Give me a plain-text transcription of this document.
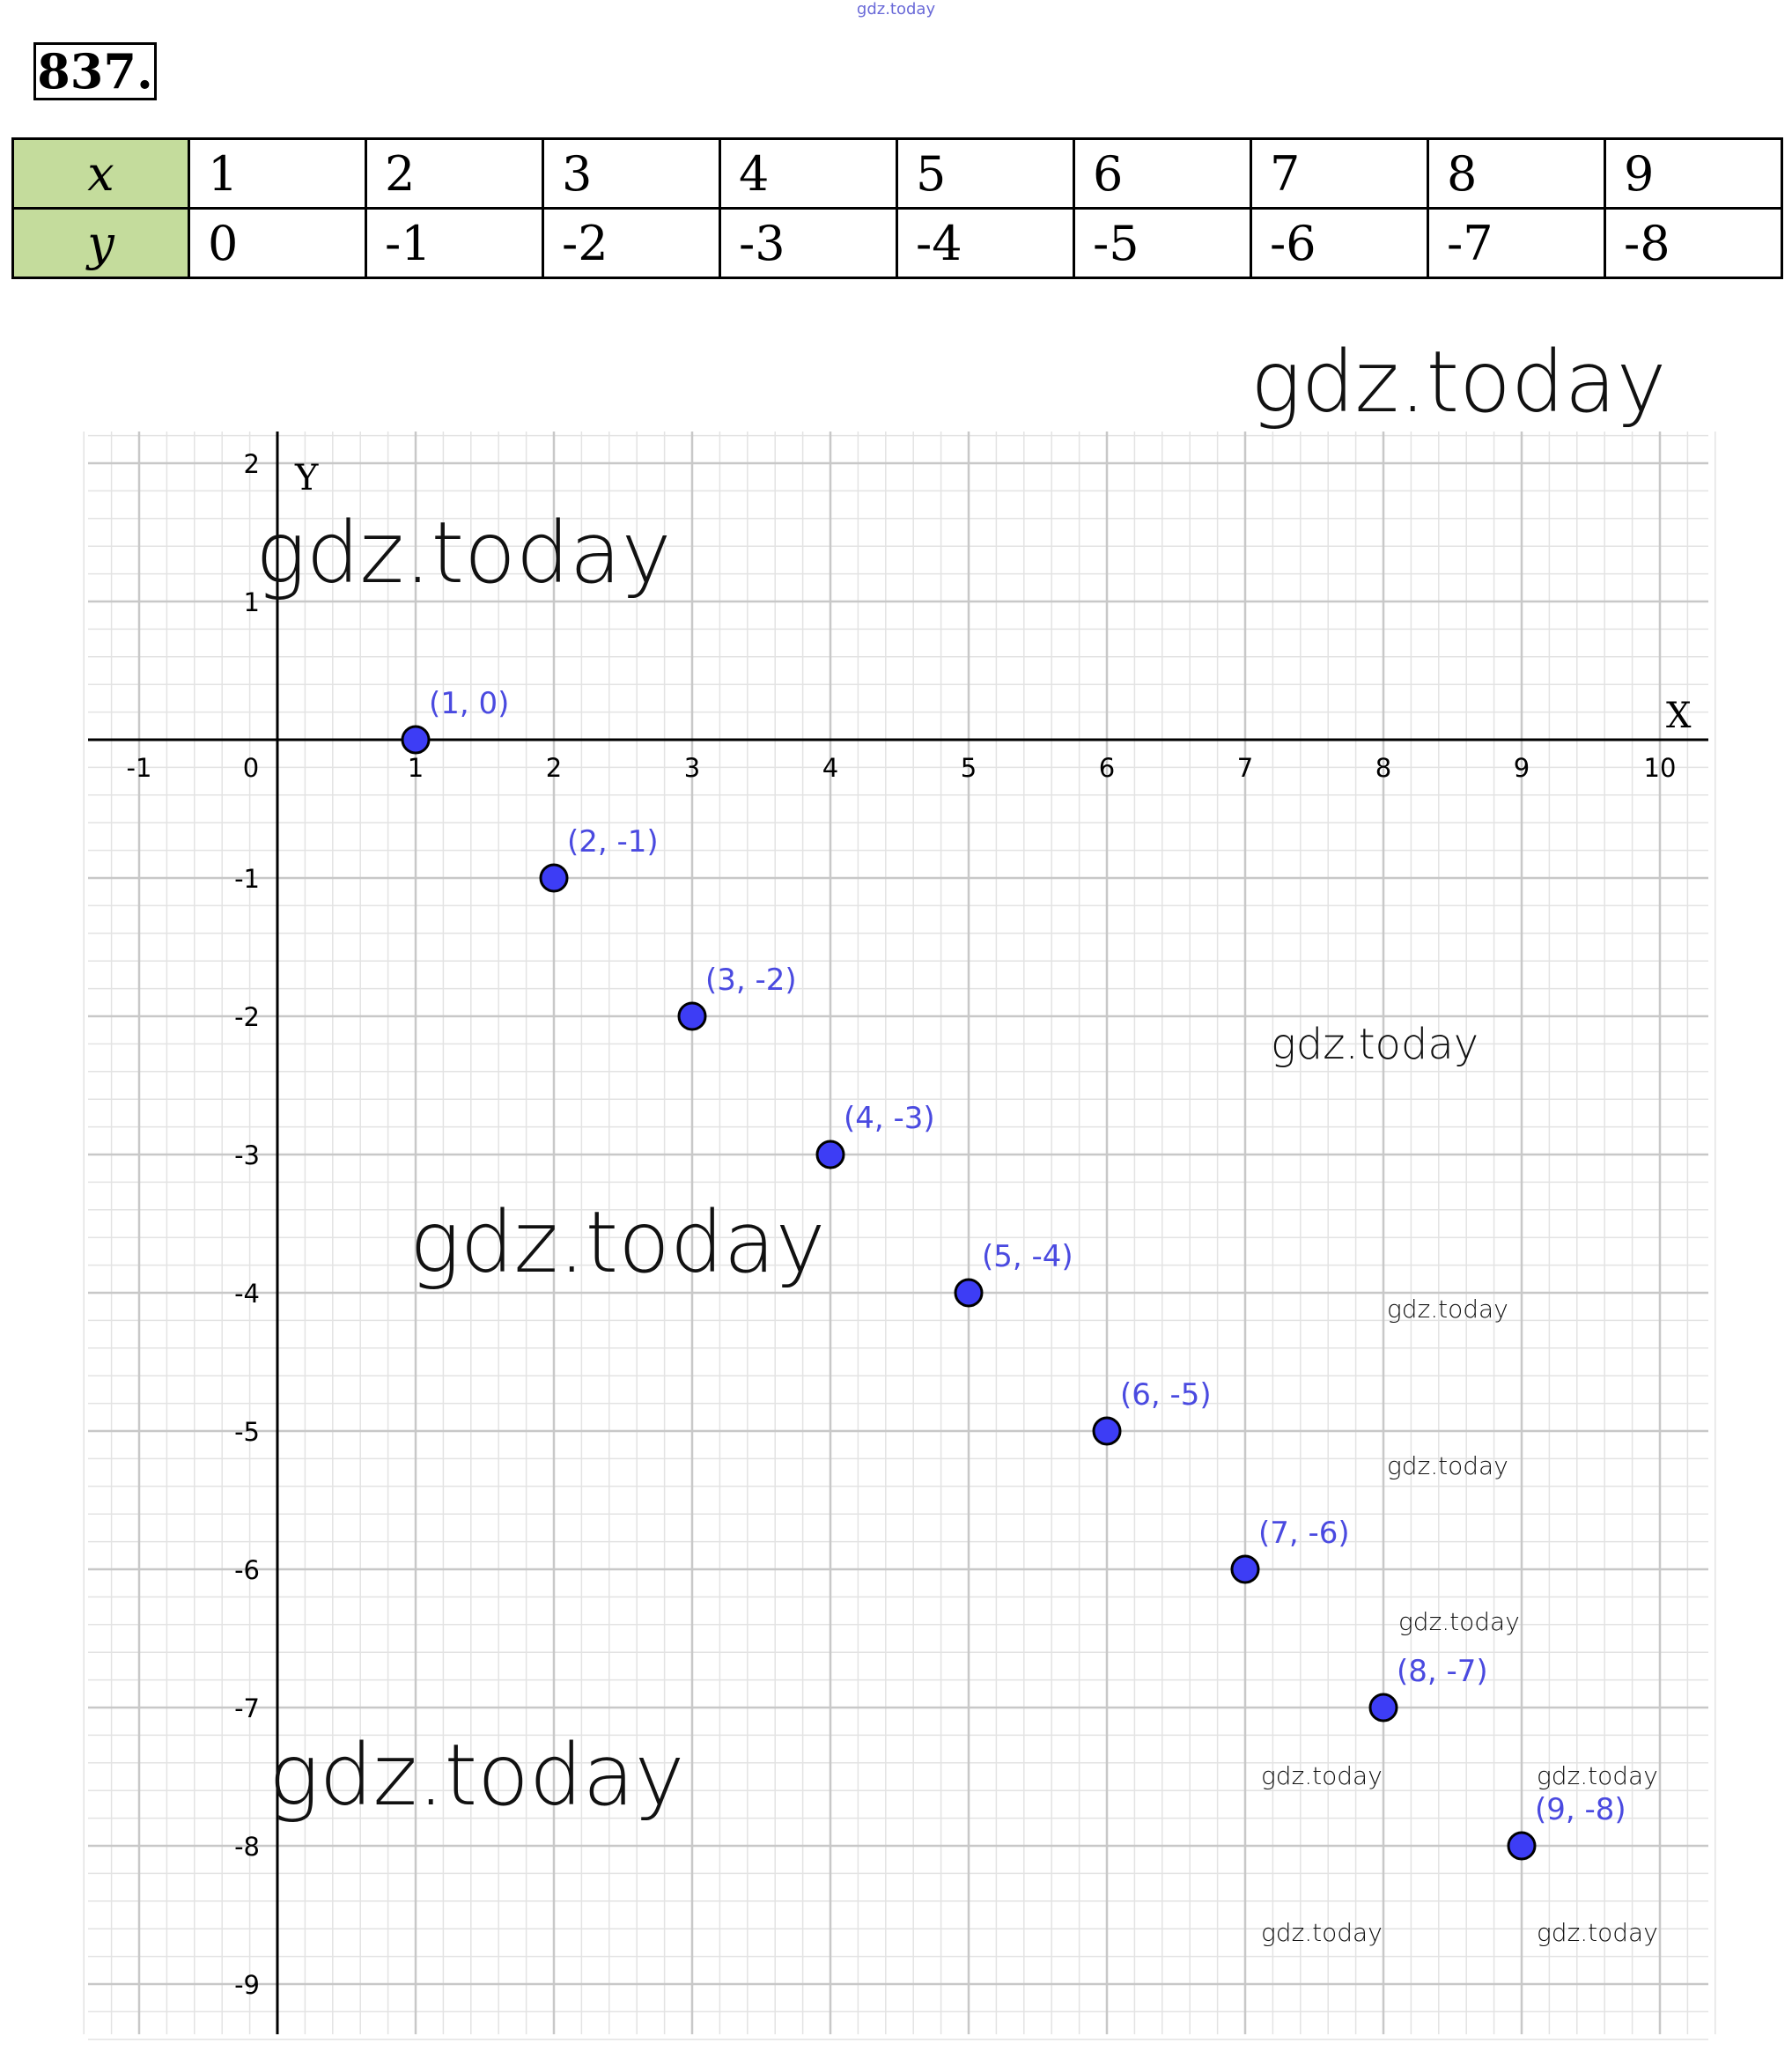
gdz.today
837.
x	1	2	3	4	5	6	7	8	9
y	0	-1	-2	-3	-4	-5	-6	-7	-8
X
Y
-1	0	1	2	3	4	5	6	7	8	9	10
2
1
-1
-2
-3
-4
-5
-6
-7
-8
-9
(1, 0)
(2, -1)
(3, -2)
(4, -3)
(5, -4)
(6, -5)
(7, -6)
(8, -7)
(9, -8)
gdz.today
gdz.today
gdz.today
gdz.today
gdz.today
gdz.today
gdz.today
gdz.today
gdz.today	gdz.today
gdz.today	gdz.today
